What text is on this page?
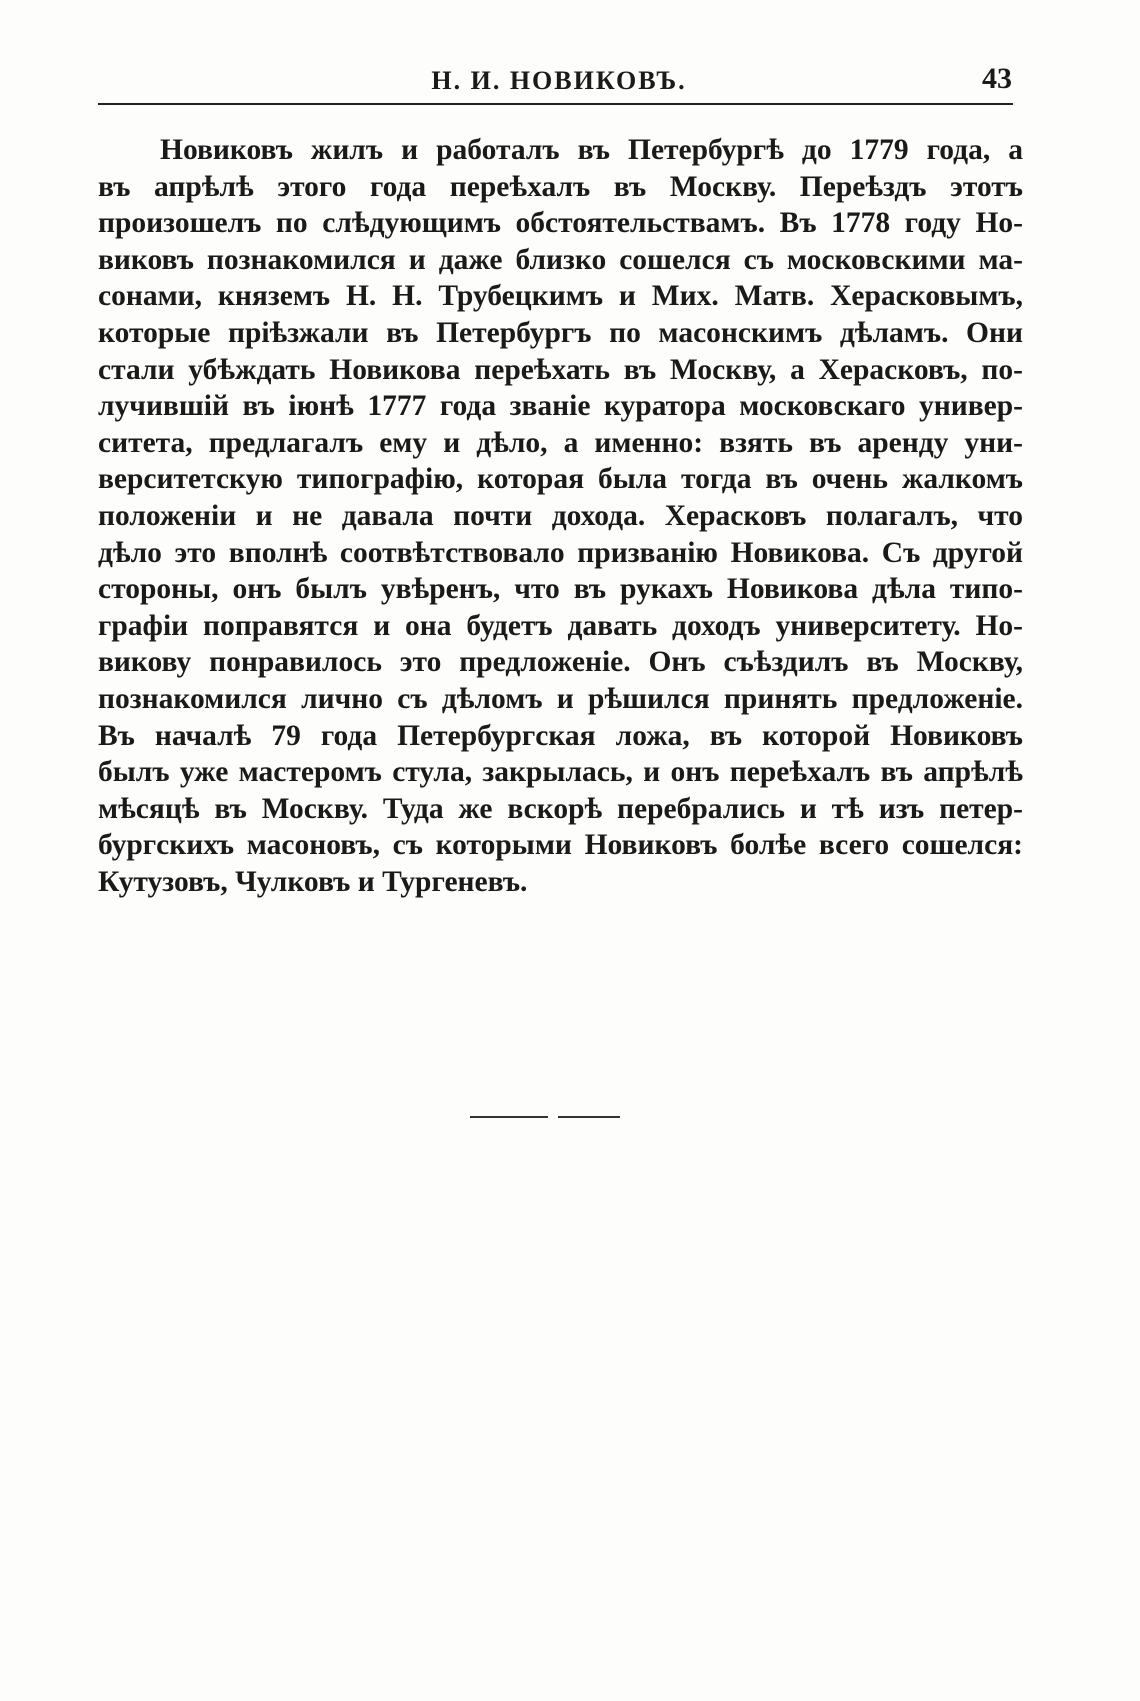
Н. И. НОВИКОВЪ.	43
Новиковъ жилъ и работалъ въ Петербургѣ до 1779 года, а
въ апрѣлѣ этого года переѣхалъ въ Москву. Переѣздъ этотъ
произошелъ по слѣдующимъ обстоятельствамъ. Въ 1778 году Но-
виковъ познакомился и даже близко сошелся съ московскими ма-
сонами, княземъ Н. Н. Трубецкимъ и Мих. Матв. Херасковымъ,
которые пріѣзжали въ Петербургъ по масонскимъ дѣламъ. Они
стали убѣждать Новикова переѣхать въ Москву, а Херасковъ, по-
лучившій въ іюнѣ 1777 года званіе куратора московскаго универ-
ситета, предлагалъ ему и дѣло, а именно: взять въ аренду уни-
верситетскую типографію, которая была тогда въ очень жалкомъ
положеніи и не давала почти дохода. Херасковъ полагалъ, что
дѣло это вполнѣ соотвѣтствовало призванію Новикова. Съ другой
стороны, онъ былъ увѣренъ, что въ рукахъ Новикова дѣла типо-
графіи поправятся и она будетъ давать доходъ университету. Но-
викову понравилось это предложеніе. Онъ съѣздилъ въ Москву,
познакомился лично съ дѣломъ и рѣшился принять предложеніе.
Въ началѣ 79 года Петербургская ложа, въ которой Новиковъ
былъ уже мастеромъ стула, закрылась, и онъ переѣхалъ въ апрѣлѣ
мѣсяцѣ въ Москву. Туда же вскорѣ перебрались и тѣ изъ петер-
бургскихъ масоновъ, съ которыми Новиковъ болѣе всего сошелся:
Кутузовъ, Чулковъ и Тургеневъ.
